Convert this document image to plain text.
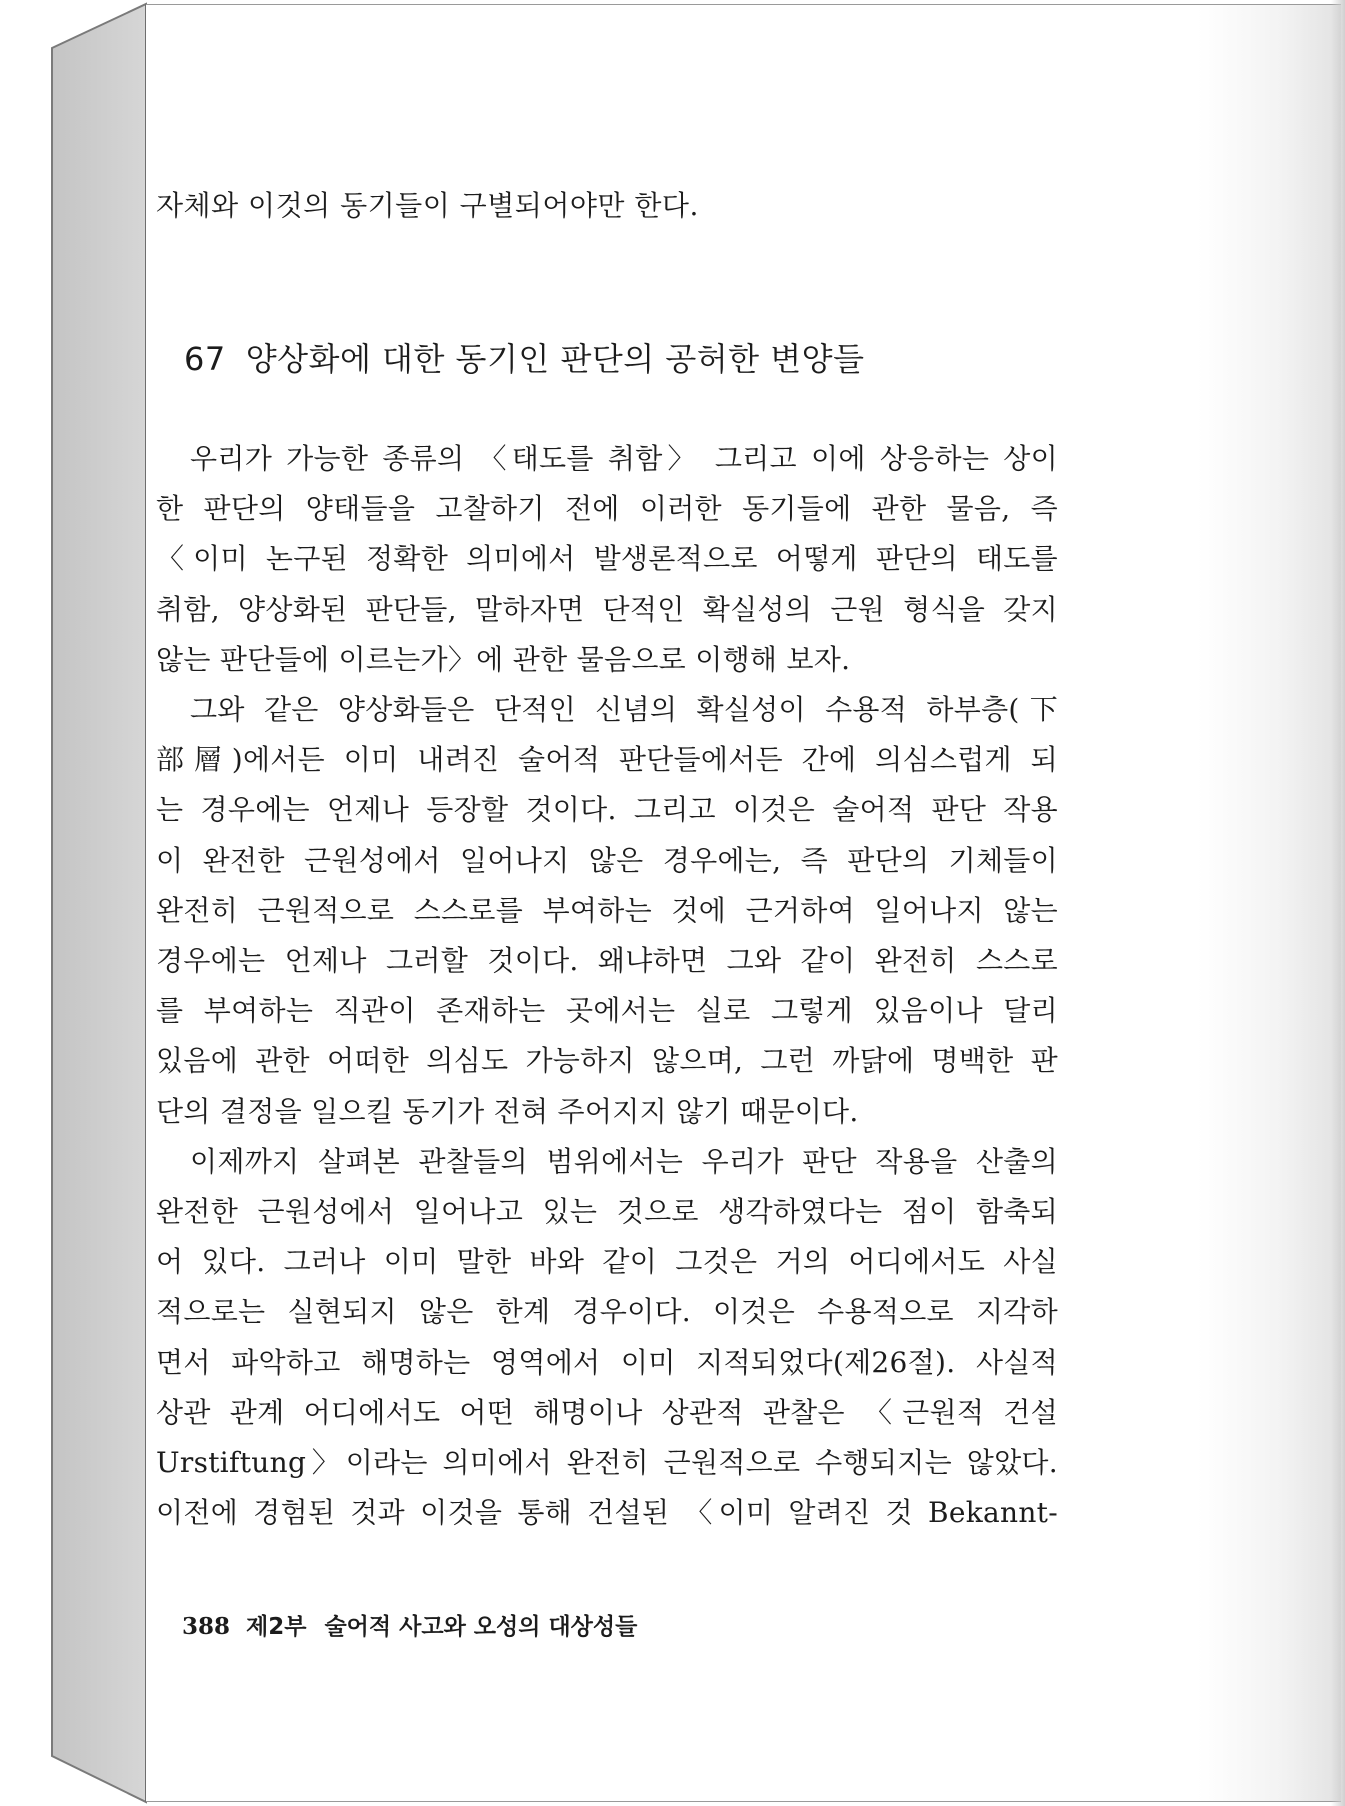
자체와 이것의 동기들이 구별되어야만 한다.
67 양상화에 대한 동기인 판단의 공허한 변양들

우리가 가능한 종류의 〈태도를 취함〉 그리고 이에 상응하는 상이
한 판단의 양태들을 고찰하기 전에 이러한 동기들에 관한 물음, 즉
〈이미 논구된 정확한 의미에서 발생론적으로 어떻게 판단의 태도를
취함, 양상화된 판단들, 말하자면 단적인 확실성의 근원 형식을 갖지
않는 판단들에 이르는가〉에 관한 물음으로 이행해 보자.

그와 같은 양상화들은 단적인 신념의 확실성이 수용적 하부층(下
部層)에서든 이미 내려진 술어적 판단들에서든 간에 의심스럽게 되
는 경우에는 언제나 등장할 것이다. 그리고 이것은 술어적 판단 작용
이 완전한 근원성에서 일어나지 않은 경우에는, 즉 판단의 기체들이
완전히 근원적으로 스스로를 부여하는 것에 근거하여 일어나지 않는
경우에는 언제나 그러할 것이다. 왜냐하면 그와 같이 완전히 스스로
를 부여하는 직관이 존재하는 곳에서는 실로 그렇게 있음이나 달리
있음에 관한 어떠한 의심도 가능하지 않으며, 그런 까닭에 명백한 판
단의 결정을 일으킬 동기가 전혀 주어지지 않기 때문이다.

이제까지 살펴본 관찰들의 범위에서는 우리가 판단 작용을 산출의
완전한 근원성에서 일어나고 있는 것으로 생각하였다는 점이 함축되
어 있다. 그러나 이미 말한 바와 같이 그것은 거의 어디에서도 사실
적으로는 실현되지 않은 한계 경우이다. 이것은 수용적으로 지각하
면서 파악하고 해명하는 영역에서 이미 지적되었다(제26절). 사실적
상관 관계 어디에서도 어떤 해명이나 상관적 관찰은 〈근원적 건설
Urstiftung〉이라는 의미에서 완전히 근원적으로 수행되지는 않았다.
이전에 경험된 것과 이것을 통해 건설된 〈이미 알려진 것 Bekannt-

388 제2부 술어적 사고와 오성의 대상성들
